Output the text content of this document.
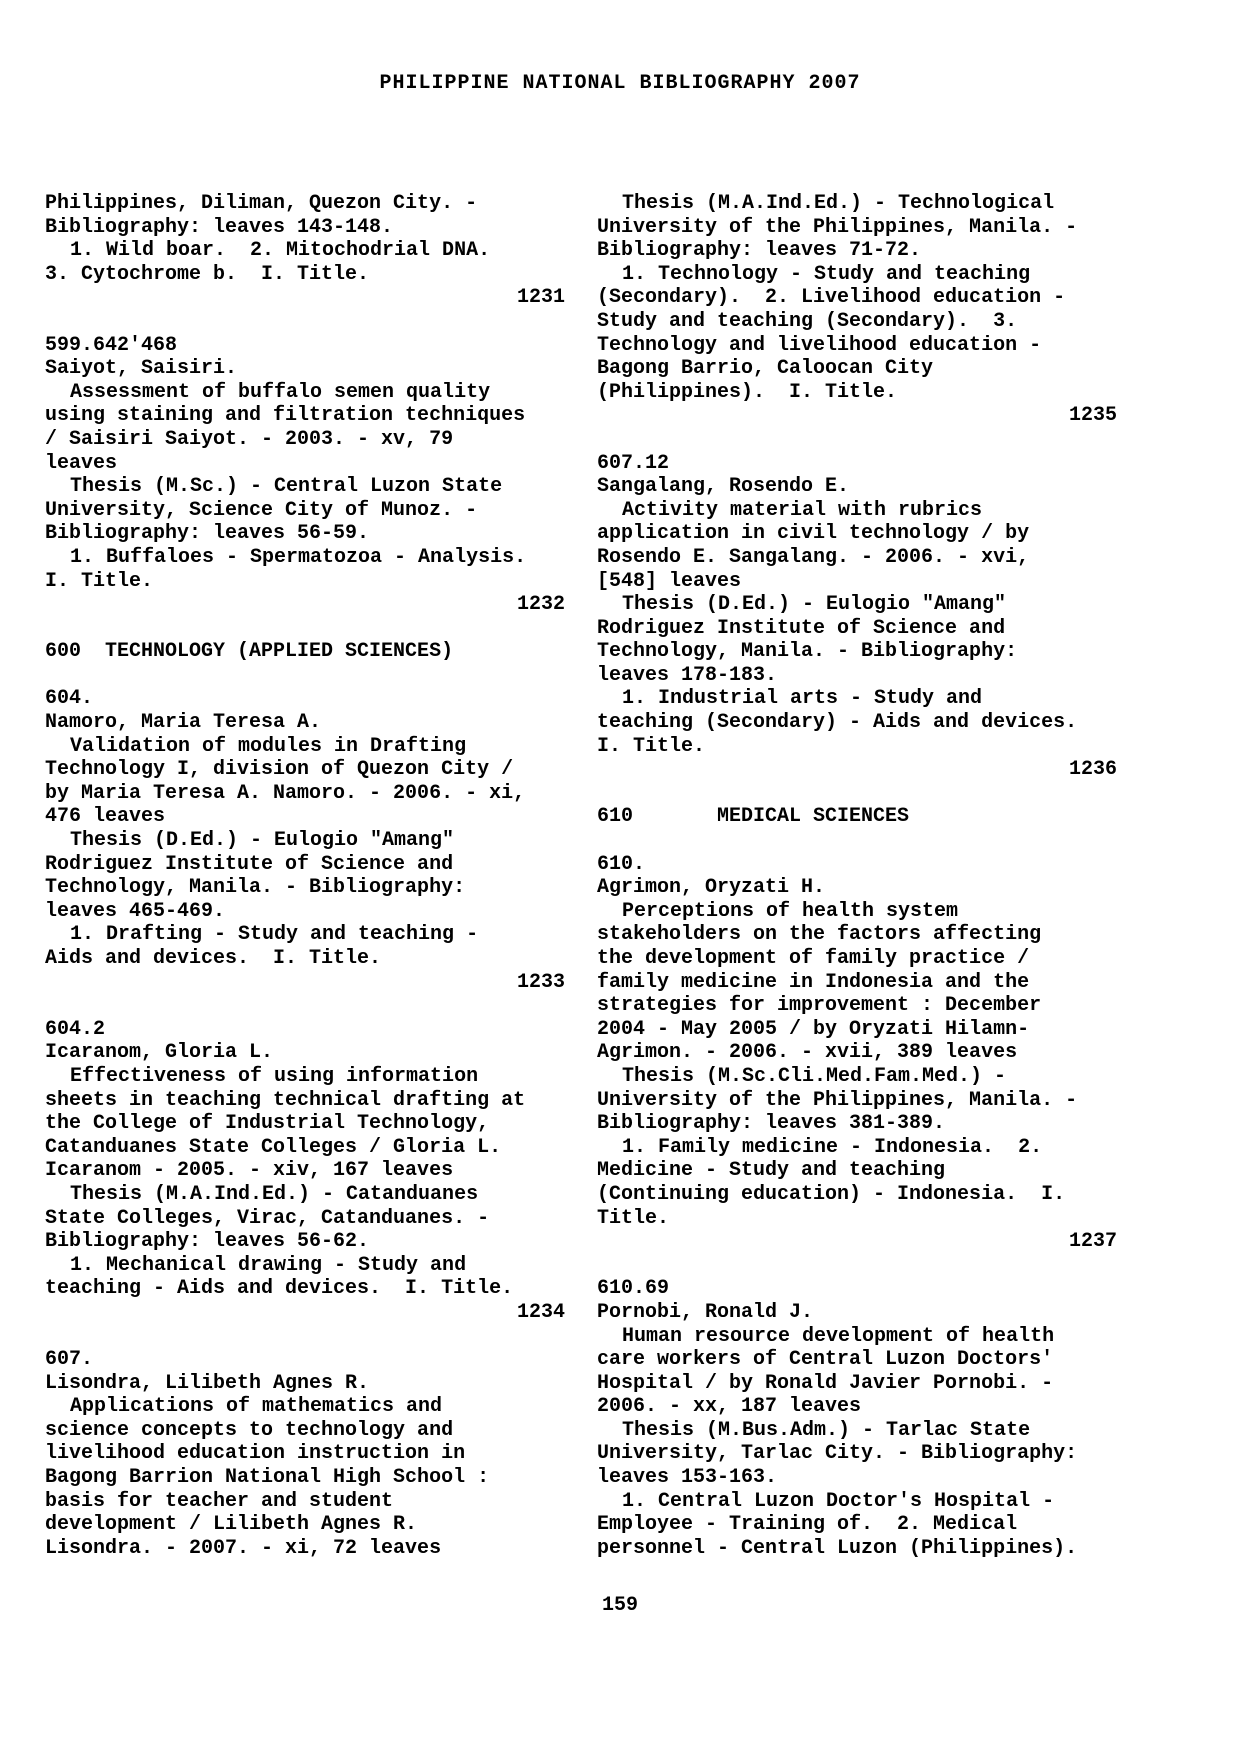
PHILIPPINE NATIONAL BIBLIOGRAPHY 2007
Philippines, Diliman, Quezon City. -
Bibliography: leaves 143-148.
1. Wild boar.  2. Mitochodrial DNA.
3. Cytochrome b.  I. Title.
1231
599.642'468
Saiyot, Saisiri.
Assessment of buffalo semen quality
using staining and filtration techniques
/ Saisiri Saiyot. - 2003. - xv, 79
leaves
Thesis (M.Sc.) - Central Luzon State
University, Science City of Munoz. -
Bibliography: leaves 56-59.
1. Buffaloes - Spermatozoa - Analysis.
I. Title.
1232
600  TECHNOLOGY (APPLIED SCIENCES)
604.
Namoro, Maria Teresa A.
Validation of modules in Drafting
Technology I, division of Quezon City /
by Maria Teresa A. Namoro. - 2006. - xi,
476 leaves
Thesis (D.Ed.) - Eulogio "Amang"
Rodriguez Institute of Science and
Technology, Manila. - Bibliography:
leaves 465-469.
1. Drafting - Study and teaching -
Aids and devices.  I. Title.
1233
604.2
Icaranom, Gloria L.
Effectiveness of using information
sheets in teaching technical drafting at
the College of Industrial Technology,
Catanduanes State Colleges / Gloria L.
Icaranom - 2005. - xiv, 167 leaves
Thesis (M.A.Ind.Ed.) - Catanduanes
State Colleges, Virac, Catanduanes. -
Bibliography: leaves 56-62.
1. Mechanical drawing - Study and
teaching - Aids and devices.  I. Title.
1234
607.
Lisondra, Lilibeth Agnes R.
Applications of mathematics and
science concepts to technology and
livelihood education instruction in
Bagong Barrion National High School :
basis for teacher and student
development / Lilibeth Agnes R.
Lisondra. - 2007. - xi, 72 leaves
Thesis (M.A.Ind.Ed.) - Technological
University of the Philippines, Manila. -
Bibliography: leaves 71-72.
1. Technology - Study and teaching
(Secondary).  2. Livelihood education -
Study and teaching (Secondary).  3.
Technology and livelihood education -
Bagong Barrio, Caloocan City
(Philippines).  I. Title.
1235
607.12
Sangalang, Rosendo E.
Activity material with rubrics
application in civil technology / by
Rosendo E. Sangalang. - 2006. - xvi,
[548] leaves
Thesis (D.Ed.) - Eulogio "Amang"
Rodriguez Institute of Science and
Technology, Manila. - Bibliography:
leaves 178-183.
1. Industrial arts - Study and
teaching (Secondary) - Aids and devices.
I. Title.
1236
610       MEDICAL SCIENCES
610.
Agrimon, Oryzati H.
Perceptions of health system
stakeholders on the factors affecting
the development of family practice /
family medicine in Indonesia and the
strategies for improvement : December
2004 - May 2005 / by Oryzati Hilamn-
Agrimon. - 2006. - xvii, 389 leaves
Thesis (M.Sc.Cli.Med.Fam.Med.) -
University of the Philippines, Manila. -
Bibliography: leaves 381-389.
1. Family medicine - Indonesia.  2.
Medicine - Study and teaching
(Continuing education) - Indonesia.  I.
Title.
1237
610.69
Pornobi, Ronald J.
Human resource development of health
care workers of Central Luzon Doctors'
Hospital / by Ronald Javier Pornobi. -
2006. - xx, 187 leaves
Thesis (M.Bus.Adm.) - Tarlac State
University, Tarlac City. - Bibliography:
leaves 153-163.
1. Central Luzon Doctor's Hospital -
Employee - Training of.  2. Medical
personnel - Central Luzon (Philippines).
159
